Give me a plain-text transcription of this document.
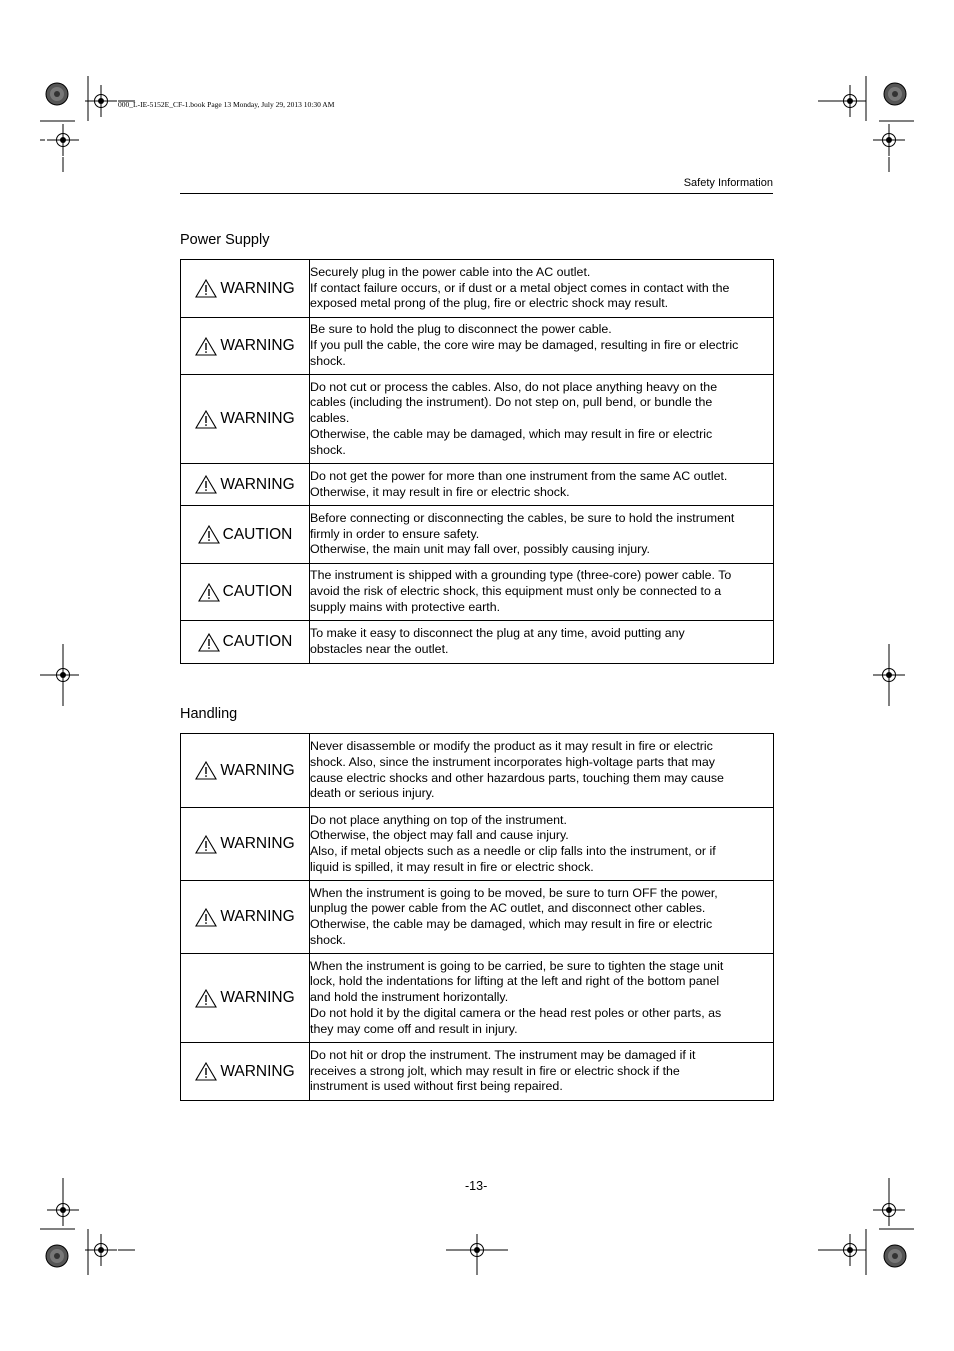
000_L-IE-5152E_CF-1.book Page 13 Monday, July 29, 2013 10:30 AM
Safety Information
Power Supply
WARNING	Securely plug in the power cable into the AC outlet.
If contact failure occurs, or if dust or a metal object comes in contact with the
exposed metal prong of the plug, fire or electric shock may result.

WARNING	Be sure to hold the plug to disconnect the power cable.
If you pull the cable, the core wire may be damaged, resulting in fire or electric
shock.

WARNING	Do not cut or process the cables. Also, do not place anything heavy on the
cables (including the instrument). Do not step on, pull bend, or bundle the
cables.
Otherwise, the cable may be damaged, which may result in fire or electric
shock.

WARNING	Do not get the power for more than one instrument from the same AC outlet.
Otherwise, it may result in fire or electric shock.

CAUTION	Before connecting or disconnecting the cables, be sure to hold the instrument
firmly in order to ensure safety.
Otherwise, the main unit may fall over, possibly causing injury.

CAUTION	The instrument is shipped with a grounding type (three-core) power cable. To
avoid the risk of electric shock, this equipment must only be connected to a
supply mains with protective earth.

CAUTION	To make it easy to disconnect the plug at any time, avoid putting any
obstacles near the outlet.
Handling
WARNING	Never disassemble or modify the product as it may result in fire or electric
shock. Also, since the instrument incorporates high-voltage parts that may
cause electric shocks and other hazardous parts, touching them may cause
death or serious injury.

WARNING	Do not place anything on top of the instrument.
Otherwise, the object may fall and cause injury.
Also, if metal objects such as a needle or clip falls into the instrument, or if
liquid is spilled, it may result in fire or electric shock.

WARNING	When the instrument is going to be moved, be sure to turn OFF the power,
unplug the power cable from the AC outlet, and disconnect other cables.
Otherwise, the cable may be damaged, which may result in fire or electric
shock.

WARNING	When the instrument is going to be carried, be sure to tighten the stage unit
lock, hold the indentations for lifting at the left and right of the bottom panel
and hold the instrument horizontally.
Do not hold it by the digital camera or the head rest poles or other parts, as
they may come off and result in injury.

WARNING	Do not hit or drop the instrument. The instrument may be damaged if it
receives a strong jolt, which may result in fire or electric shock if the
instrument is used without first being repaired.
-13-
